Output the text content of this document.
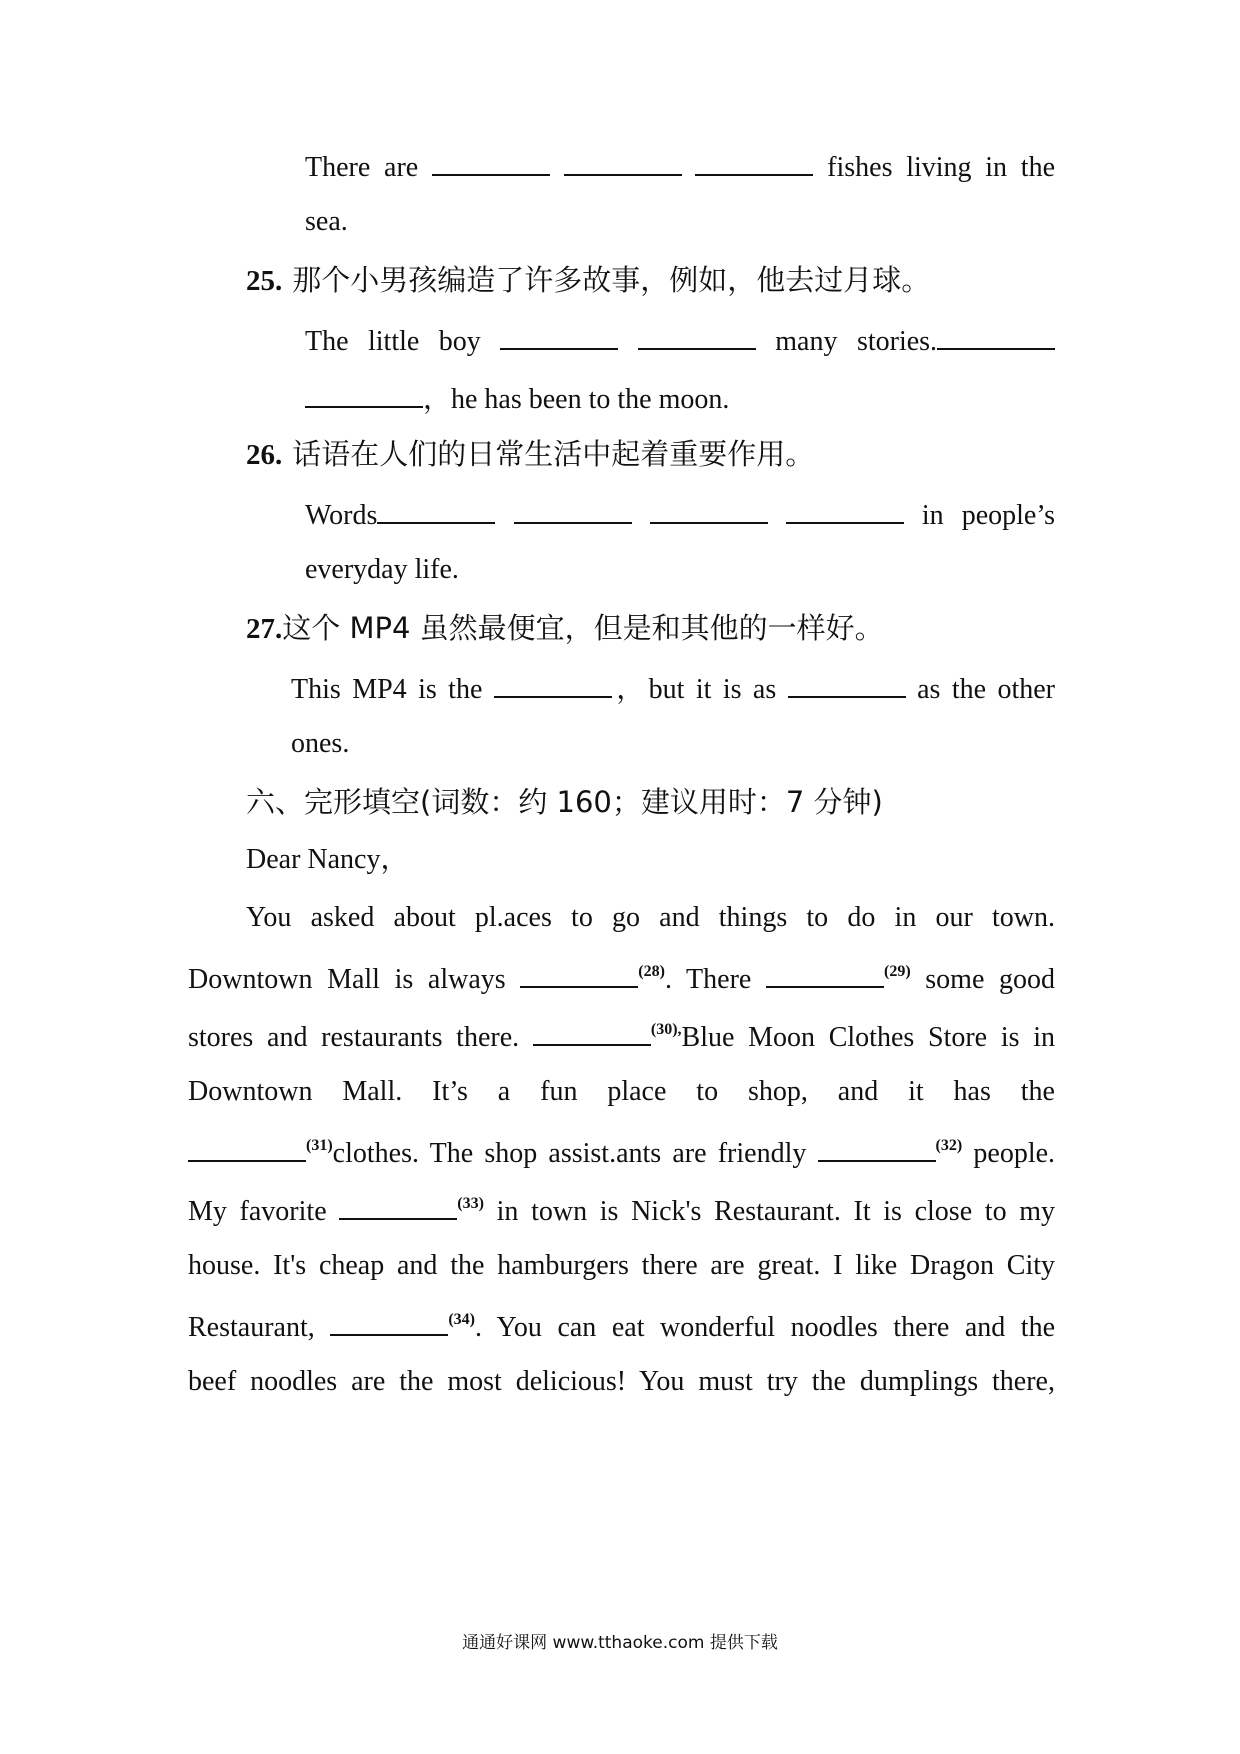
There are	fishes living in the
sea.
25. 那个小男孩编造了许多故事，例如，他去过月球。
The little boy	many stories.
，he has been to the moon.
26. 话语在人们的日常生活中起着重要作用。
Words	in people’s
everyday life.
27.这个 MP4 虽然最便宜，但是和其他的一样好。
This MP4 is the	，but it is as	as the other
ones.
六、完形填空(词数：约 160；建议用时：7 分钟)
Dear Nancy，
You asked about pl.aces to go and things to do in our town.
Downtown Mall is always	$^{(28)}$. There	$^{(29)}$ some good
stores and restaurants there.	$^{(30),}$Blue Moon Clothes Store is in
Downtown Mall. It’s a fun place to shop, and it has the
$^{(31)}$clothes. The shop assist.ants are friendly	$^{(32)}$ people.
My favorite	$^{(33)}$ in town is Nick's Restaurant. It is close to my
house. It's cheap and the hamburgers there are great. I like Dragon City
Restaurant,	$^{(34)}$. You can eat wonderful noodles there and the
beef noodles are the most delicious! You must try the dumplings there,
通通好课网 www.tthaoke.com 提供下载
